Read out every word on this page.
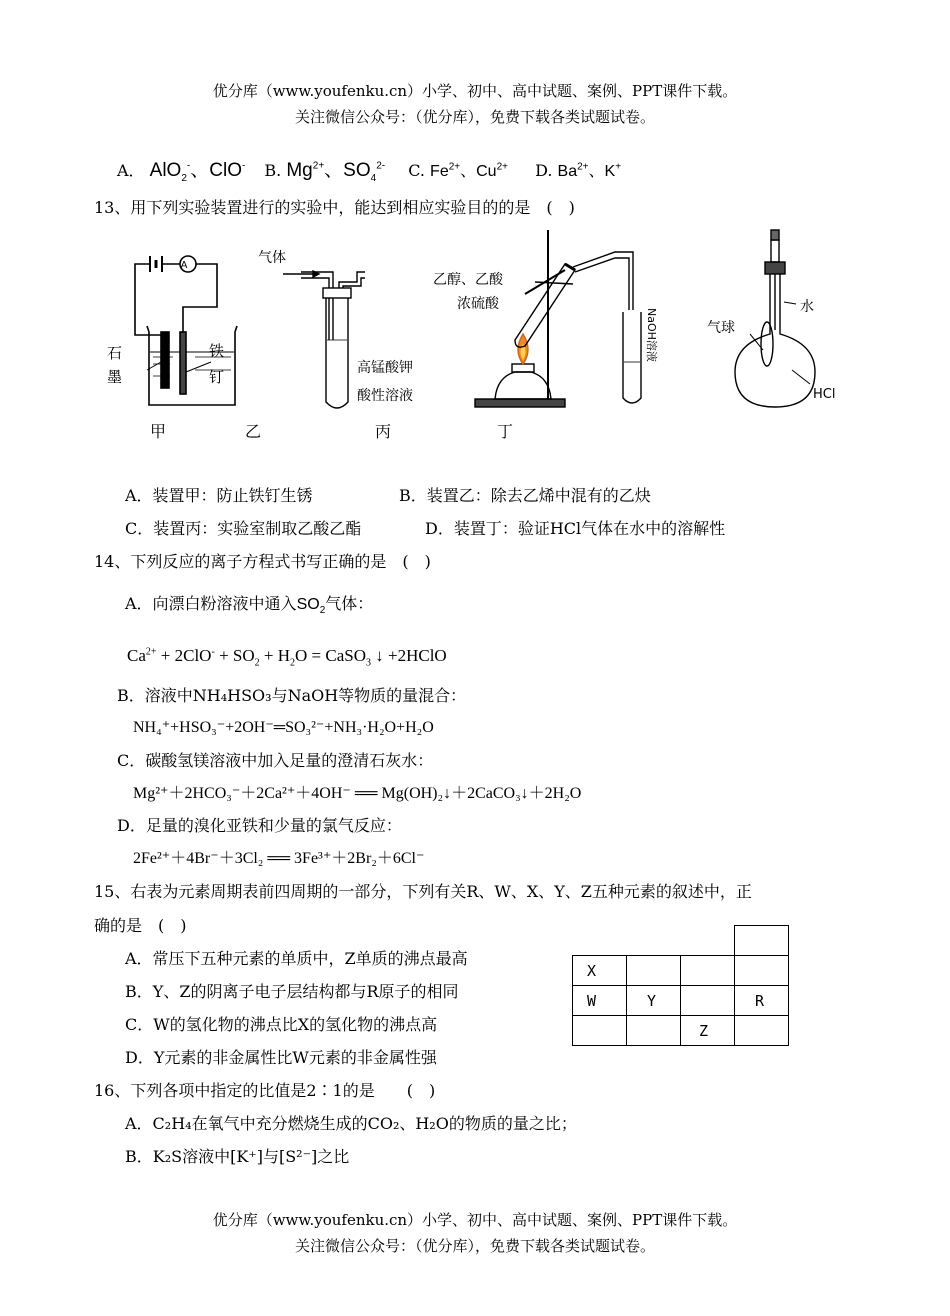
优分库（www.youfenku.cn）小学、初中、高中试题、案例、PPT课件下载。
关注微信公众号：（优分库），免费下载各类试题试卷。
A． AlO$_2$-、ClO- B. $Mg^{2+}$、$SO_4^{2-}$ C. $Fe^{2+}$、$Cu^{2+}$ D. $Ba^{2+}$、K+
13、用下列实验装置进行的实验中，能达到相应实验目的的是　(　)
A
石
墨
铁
钉
气体
高锰酸钾
酸性溶液
乙醇、乙酸
浓硫酸
NaOH溶液
水
气球
HCl
甲	乙	丙	丁
A．装置甲：防止铁钉生锈	B．装置乙：除去乙烯中混有的乙炔
C．装置丙：实验室制取乙酸乙酯	D．装置丁：验证HCl气体在水中的溶解性
14、下列反应的离子方程式书写正确的是　(　)
A．向漂白粉溶液中通入$SO_2$气体：
$Ca^{2+} + 2ClO^- + SO_2 + H_2O$ = CaSO$_3$ ↓ +2HClO
B．溶液中NH₄HSO₃与NaOH等物质的量混合：
NH₄⁺+HSO₃⁻+2OH⁻═SO₃²⁻+NH₃·H₂O+H₂O
C．碳酸氢镁溶液中加入足量的澄清石灰水：
Mg²⁺＋2HCO₃⁻＋2Ca²⁺＋4OH⁻ ══ Mg(OH)₂↓＋2CaCO₃↓＋2H₂O
D．足量的溴化亚铁和少量的氯气反应：
2Fe²⁺＋4Br⁻＋3Cl₂ ══ 3Fe³⁺＋2Br₂＋6Cl⁻
15、右表为元素周期表前四周期的一部分，下列有关R、W、X、Y、Z五种元素的叙述中，正
确的是　(　)
A．常压下五种元素的单质中，Z单质的沸点最高
B．Y、Z的阴离子电子层结构都与R原子的相同
C．W的氢化物的沸点比X的氢化物的沸点高
D．Y元素的非金属性比W元素的非金属性强

X			
W	Y		R
		Z	
16、下列各项中指定的比值是2∶1的是　　(　)
A．C₂H₄在氧气中充分燃烧生成的CO₂、H₂O的物质的量之比；
B．K₂S溶液中[K⁺]与[S²⁻]之比
优分库（www.youfenku.cn）小学、初中、高中试题、案例、PPT课件下载。
关注微信公众号：（优分库），免费下载各类试题试卷。
